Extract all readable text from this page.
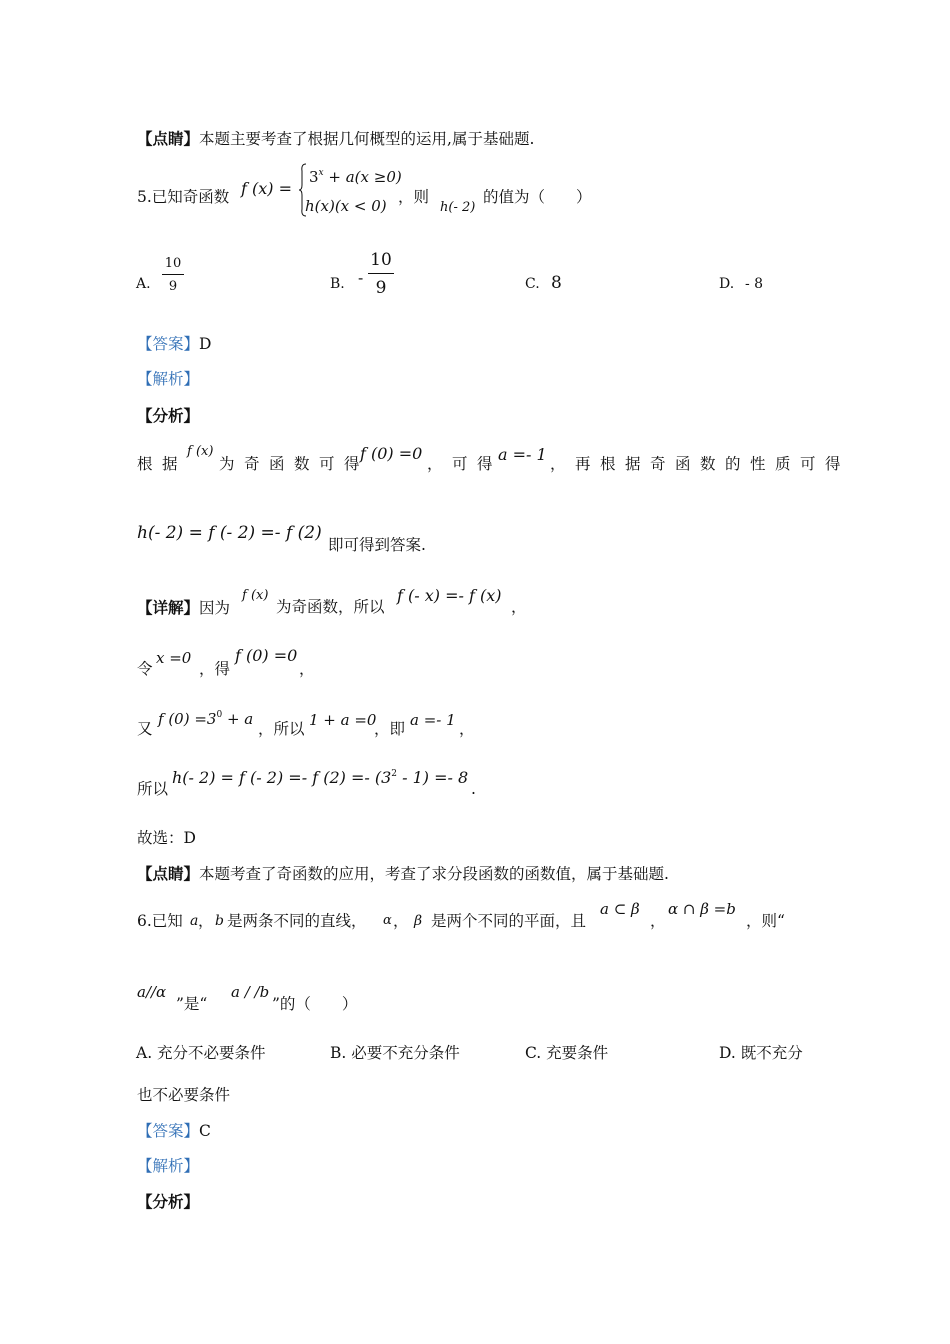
【点睛】本题主要考查了根据几何概型的运用,属于基础题.
5.已知奇函数 f (x) =
$3^x + a(x \ge 0)$
h(x)(x < 0) ，则
h(- 2)
的值为（　　）
A.
10
9	B. -
10
9	C. 8	D. - 8
【答案】D
【解析】
【分析】
根据
f (x)
为奇函数可得
f (0) =0
，可得
a =- 1 ，再根据奇函数的性质可得
h(- 2) = f (- 2) =- f (2)
即可得到答案.
【详解】因为
f (x)
为奇函数，所以
f (- x) =- f (x)
，
令
x =0
，得
f (0) =0
，
又
f $(0) =3^0 + a$
，所以 1 + a =0
，即 a =- 1 ，
所以
h(- 2) = f (- 2) =- f $(2) =- (3^2 - 1) =- 8$
.
故选：D
【点睛】本题考查了奇函数的应用，考查了求分段函数的函数值，属于基础题.
6.已知 a ， b 是两条不同的直线， α ， β 是两个不同的平面，且
a ⊂ β
，
α ∩ β =b
，则“
a//α
”是“
a / /b
”的（　　）
A. 充分不必要条件	B. 必要不充分条件	C. 充要条件	D. 既不充分
也不必要条件
【答案】C
【解析】
【分析】
